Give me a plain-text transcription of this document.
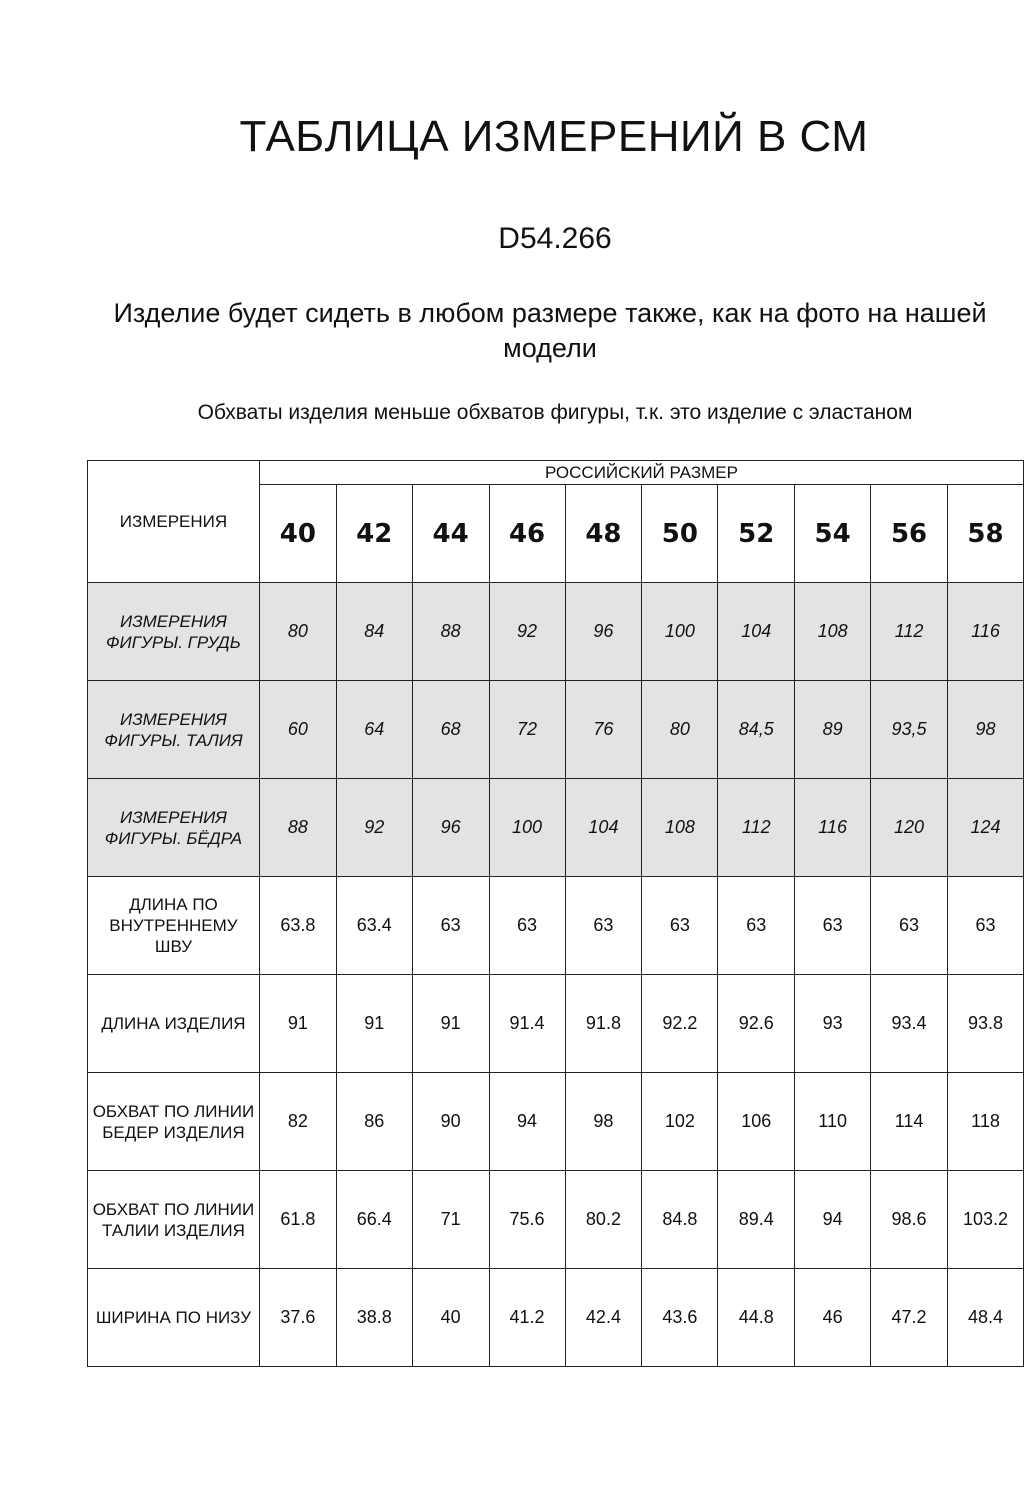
ТАБЛИЦА ИЗМЕРЕНИЙ В СМ
D54.266
Изделие будет сидеть в любом размере также, как на фото на нашей модели
Обхваты изделия меньше обхватов фигуры, т.к. это изделие с эластаном
ИЗМЕРЕНИЯ	РОССИЙСКИЙ РАЗМЕР									
	40	42	44	46	48	50	52	54	56	58
ИЗМЕРЕНИЯ ФИГУРЫ. ГРУДЬ	80	84	88	92	96	100	104	108	112	116
ИЗМЕРЕНИЯ ФИГУРЫ. ТАЛИЯ	60	64	68	72	76	80	84,5	89	93,5	98
ИЗМЕРЕНИЯ ФИГУРЫ. БЁДРА	88	92	96	100	104	108	112	116	120	124
ДЛИНА ПО ВНУТРЕННЕМУ ШВУ	63.8	63.4	63	63	63	63	63	63	63	63
ДЛИНА ИЗДЕЛИЯ	91	91	91	91.4	91.8	92.2	92.6	93	93.4	93.8
ОБХВАТ ПО ЛИНИИ БЕДЕР ИЗДЕЛИЯ	82	86	90	94	98	102	106	110	114	118
ОБХВАТ ПО ЛИНИИ ТАЛИИ ИЗДЕЛИЯ	61.8	66.4	71	75.6	80.2	84.8	89.4	94	98.6	103.2
ШИРИНА ПО НИЗУ	37.6	38.8	40	41.2	42.4	43.6	44.8	46	47.2	48.4
